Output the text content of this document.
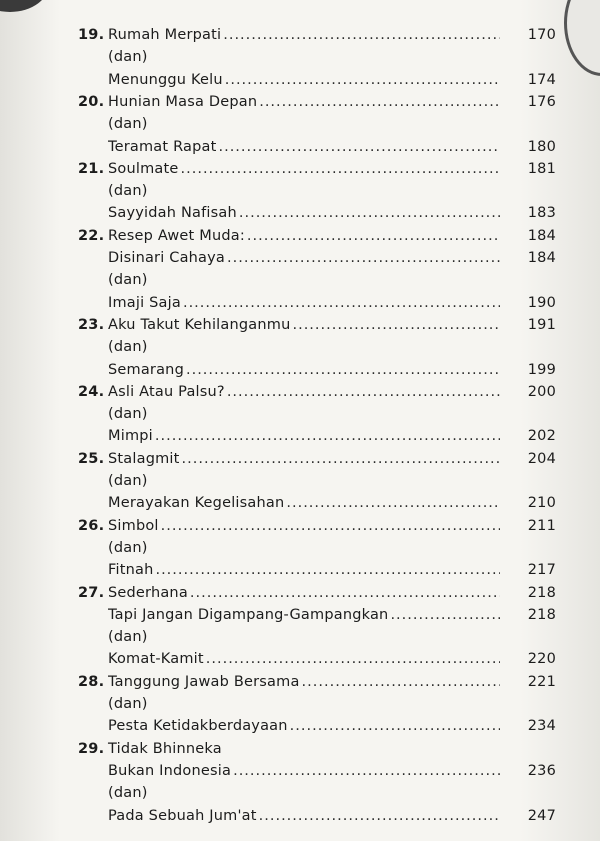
19. Rumah Merpati .....	170
(dan)
Menunggu Kelu .....	174
20. Hunian Masa Depan .....	176
(dan)
Teramat Rapat .....	180
21. Soulmate .....	181
(dan)
Sayyidah Nafisah .....	183
22. Resep Awet Muda: .....	184
Disinari Cahaya .....	184
(dan)
Imaji Saja .....	190
23. Aku Takut Kehilanganmu .....	191
(dan)
Semarang .....	199
24. Asli Atau Palsu? .....	200
(dan)
Mimpi .....	202
25. Stalagmit .....	204
(dan)
Merayakan Kegelisahan .....	210
26. Simbol .....	211
(dan)
Fitnah .....	217
27. Sederhana .....	218
Tapi Jangan Digampang-Gampangkan .....	218
(dan)
Komat-Kamit .....	220
28. Tanggung Jawab Bersama .....	221
(dan)
Pesta Ketidakberdayaan .....	234
29. Tidak Bhinneka
Bukan Indonesia .....	236
(dan)
Pada Sebuah Jum'at .....	247
